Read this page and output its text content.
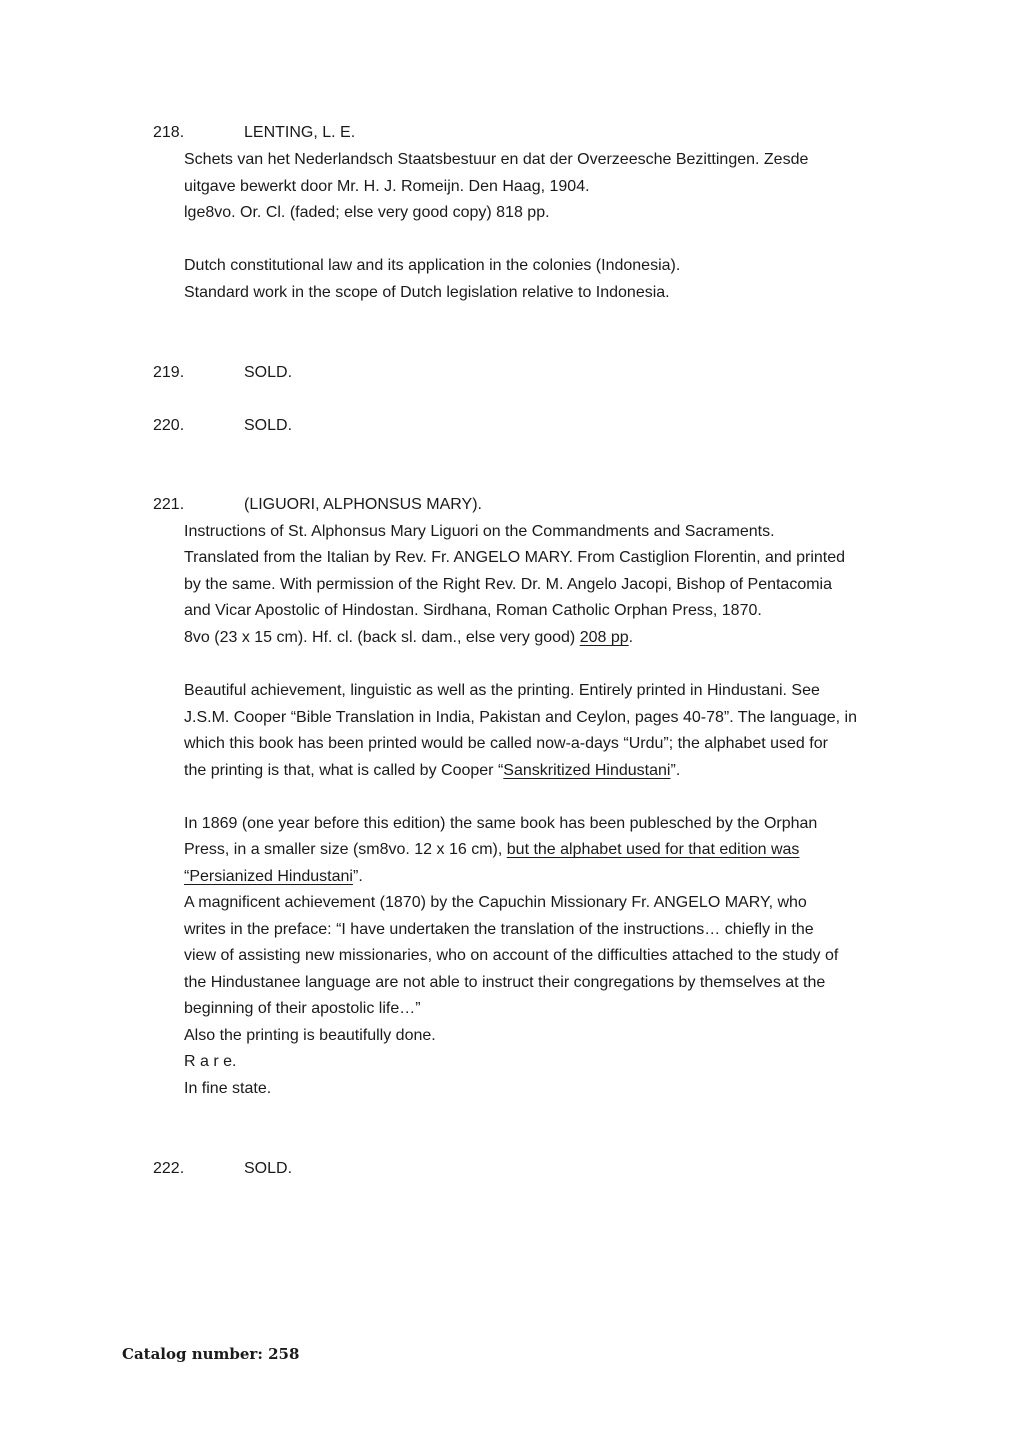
218.	LENTING, L. E.
Schets van het Nederlandsch Staatsbestuur en dat der Overzeesche Bezittingen. Zesde
uitgave bewerkt door Mr. H. J. Romeijn. Den Haag, 1904.
lge8vo. Or. Cl. (faded; else very good copy) 818 pp.
Dutch constitutional law and its application in the colonies (Indonesia).
Standard work in the scope of Dutch legislation relative to Indonesia.
219.	SOLD.
220.	SOLD.
221.	(LIGUORI, ALPHONSUS MARY).
Instructions of St. Alphonsus Mary Liguori on the Commandments and Sacraments.
Translated from the Italian by Rev. Fr. ANGELO MARY. From Castiglion Florentin, and printed
by the same. With permission of the Right Rev. Dr. M. Angelo Jacopi, Bishop of Pentacomia
and Vicar Apostolic of Hindostan. Sirdhana, Roman Catholic Orphan Press, 1870.
8vo (23 x 15 cm). Hf. cl. (back sl. dam., else very good) 208 pp.
Beautiful achievement, linguistic as well as the printing. Entirely printed in Hindustani. See
J.S.M. Cooper “Bible Translation in India, Pakistan and Ceylon, pages 40-78”. The language, in
which this book has been printed would be called now-a-days “Urdu”; the alphabet used for
the printing is that, what is called by Cooper “Sanskritized Hindustani”.
In 1869 (one year before this edition) the same book has been publesched by the Orphan
Press, in a smaller size (sm8vo. 12 x 16 cm), but the alphabet used for that edition was
“Persianized Hindustani”.
A magnificent achievement (1870) by the Capuchin Missionary Fr. ANGELO MARY, who
writes in the preface: “I have undertaken the translation of the instructions… chiefly in the
view of assisting new missionaries, who on account of the difficulties attached to the study of
the Hindustanee language are not able to instruct their congregations by themselves at the
beginning of their apostolic life…”
Also the printing is beautifully done.
R a r e.
In fine state.
222.	SOLD.
Catalog number: 258
